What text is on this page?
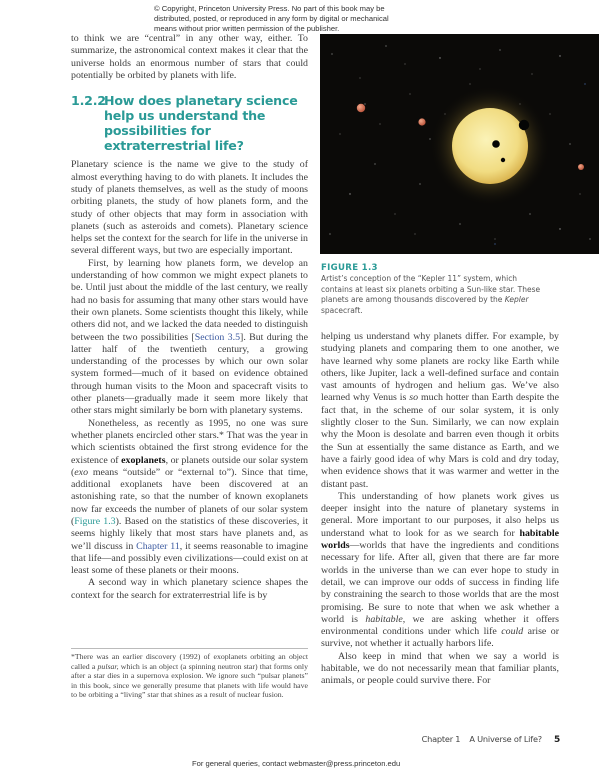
© Copyright, Princeton University Press. No part of this book may be
distributed, posted, or reproduced in any form by digital or mechanical
means without prior written permission of the publisher.

to think we are “central” in any other way, either. To summarize, the astronomical context makes it clear that the universe holds an enormous number of stars that could potentially be orbited by planets with life.

1.2.2
How does planetary science help us understand the possibilities for extraterrestrial life?

Planetary science is the name we give to the study of almost everything having to do with planets. It includes the study of planets themselves, as well as the study of moons orbiting planets, the study of how planets form, and the study of other objects that may form in association with planets (such as asteroids and comets). Planetary science helps set the context for the search for life in the universe in several different ways, but two are especially important.

First, by learning how planets form, we develop an understanding of how common we might expect planets to be. Until just about the middle of the last century, we really had no basis for assuming that many other stars would have their own planets. Some scientists thought this likely, while others did not, and we lacked the data needed to distinguish between the two possibilities [Section 3.5]. But during the latter half of the twentieth century, a growing understanding of the processes by which our own solar system formed—much of it based on evidence obtained through human visits to the Moon and spacecraft visits to other planets—gradually made it seem more likely that other stars might similarly be born with planetary systems.

Nonetheless, as recently as 1995, no one was sure whether planets encircled other stars.* That was the year in which scientists obtained the first strong evidence for the existence of exoplanets, or planets outside our solar system (exo means “outside” or “external to”). Since that time, additional exoplanets have been discovered at an astonishing rate, so that the number of known exoplanets now far exceeds the number of planets of our solar system (Figure 1.3). Based on the statistics of these discoveries, it seems highly likely that most stars have planets and, as we’ll discuss in Chapter 11, it seems reasonable to imagine that life—and possibly even civilizations—could exist on at least some of these planets or their moons.

A second way in which planetary science shapes the context for the search for extraterrestrial life is by

*There was an earlier discovery (1992) of exoplanets orbiting an object called a pulsar, which is an object (a spinning neutron star) that forms only after a star dies in a supernova explosion. We ignore such “pulsar planets” in this book, since we generally presume that planets with life would have to be orbiting a “living” star that shines as a result of nuclear fusion.
FIGURE 1.3
Artist’s conception of the “Kepler 11” system, which contains at least six planets orbiting a Sun-like star. These planets are among thousands discovered by the Kepler spacecraft.

helping us understand why planets differ. For example, by studying planets and comparing them to one another, we have learned why some planets are rocky like Earth while others, like Jupiter, lack a well-defined surface and contain vast amounts of hydrogen and helium gas. We’ve also learned why Venus is so much hotter than Earth despite the fact that, in the scheme of our solar system, it is only slightly closer to the Sun. Similarly, we can now explain why the Moon is desolate and barren even though it orbits the Sun at essentially the same distance as Earth, and we have a fairly good idea of why Mars is cold and dry today, when evidence shows that it was warmer and wetter in the distant past.

This understanding of how planets work gives us deeper insight into the nature of planetary systems in general. More important to our purposes, it also helps us understand what to look for as we search for habitable worlds—worlds that have the ingredients and conditions necessary for life. After all, given that there are far more worlds in the universe than we can ever hope to study in detail, we can improve our odds of success in finding life by constraining the search to those worlds that are the most promising. Be sure to note that when we ask whether a world is habitable, we are asking whether it offers environmental conditions under which life could arise or survive, not whether it actually harbors life.

Also keep in mind that when we say a world is habitable, we do not necessarily mean that familiar plants, animals, or people could survive there. For

Chapter 1 A Universe of Life? 5
For general queries, contact webmaster@press.princeton.edu
